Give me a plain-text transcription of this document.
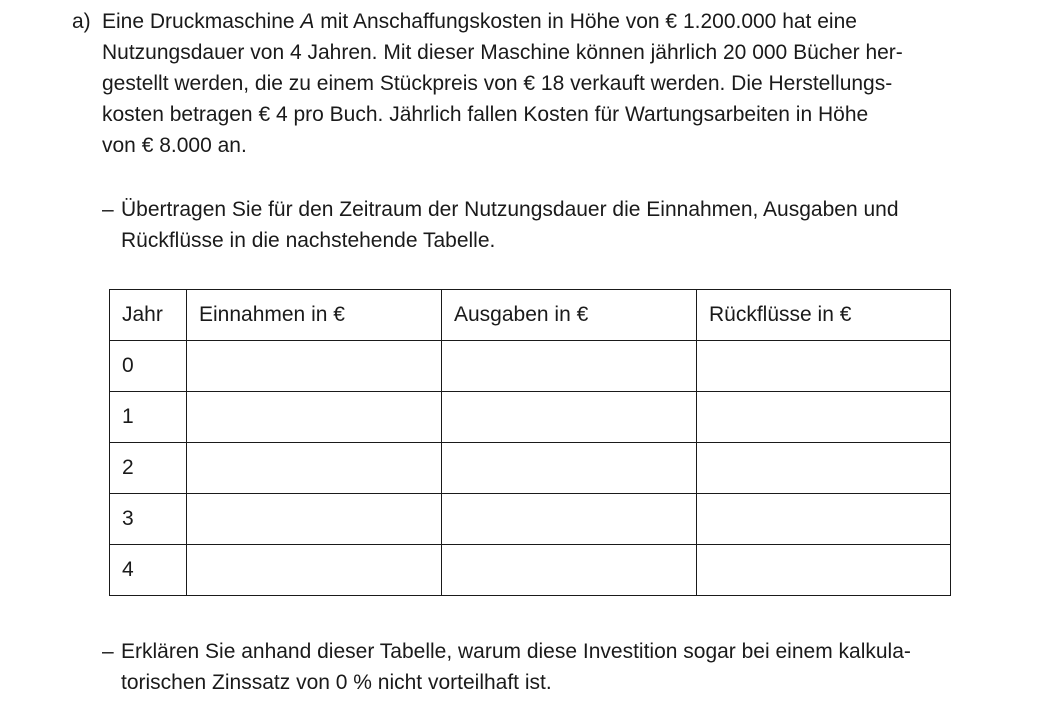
a) Eine Druckmaschine A mit Anschaffungskosten in Höhe von € 1.200.000 hat eine
Nutzungsdauer von 4 Jahren. Mit dieser Maschine können jährlich 20 000 Bücher her-
gestellt werden, die zu einem Stückpreis von € 18 verkauft werden. Die Herstellungs-
kosten betragen € 4 pro Buch. Jährlich fallen Kosten für Wartungsarbeiten in Höhe
von € 8.000 an.
– Übertragen Sie für den Zeitraum der Nutzungsdauer die Einnahmen, Ausgaben und
Rückflüsse in die nachstehende Tabelle.
Jahr	Einnahmen in €	Ausgaben in €	Rückflüsse in €
0			
1			
2			
3			
4			
– Erklären Sie anhand dieser Tabelle, warum diese Investition sogar bei einem kalkula-
torischen Zinssatz von 0 % nicht vorteilhaft ist.
